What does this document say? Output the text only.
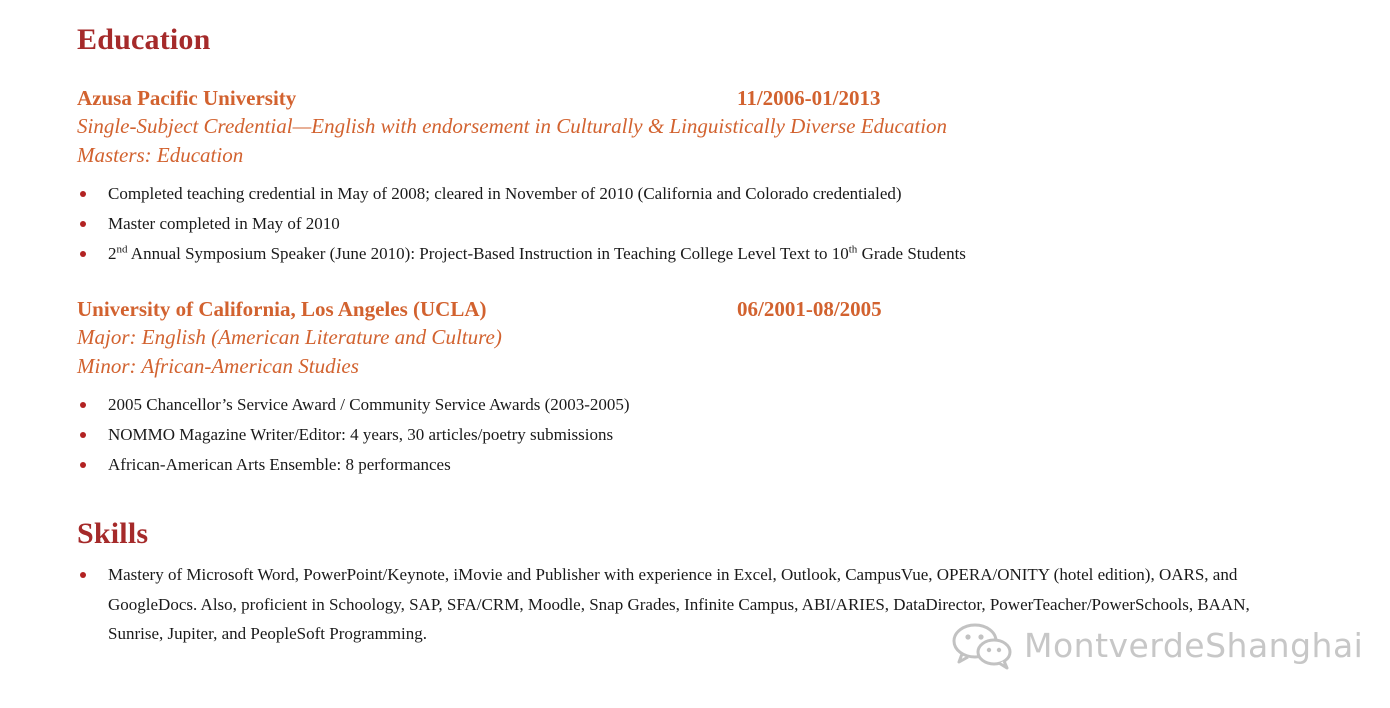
Education
Azusa Pacific University	11/2006-01/2013
Single-Subject Credential—English with endorsement in Culturally & Linguistically Diverse Education
Masters: Education
Completed teaching credential in May of 2008; cleared in November of 2010 (California and Colorado credentialed)
Master completed in May of 2010
2nd Annual Symposium Speaker (June 2010): Project-Based Instruction in Teaching College Level Text to 10th Grade Students
University of California, Los Angeles (UCLA)	06/2001-08/2005
Major: English (American Literature and Culture)
Minor: African-American Studies
2005 Chancellor’s Service Award / Community Service Awards (2003-2005)
NOMMO Magazine Writer/Editor: 4 years, 30 articles/poetry submissions
African-American Arts Ensemble: 8 performances
Skills
Mastery of Microsoft Word, PowerPoint/Keynote, iMovie and Publisher with experience in Excel, Outlook, CampusVue, OPERA/ONITY (hotel edition), OARS, and GoogleDocs. Also, proficient in Schoology, SAP, SFA/CRM, Moodle, Snap Grades, Infinite Campus, ABI/ARIES, DataDirector, PowerTeacher/PowerSchools, BAAN, Sunrise, Jupiter, and PeopleSoft Programming.	MontverdeShanghai
